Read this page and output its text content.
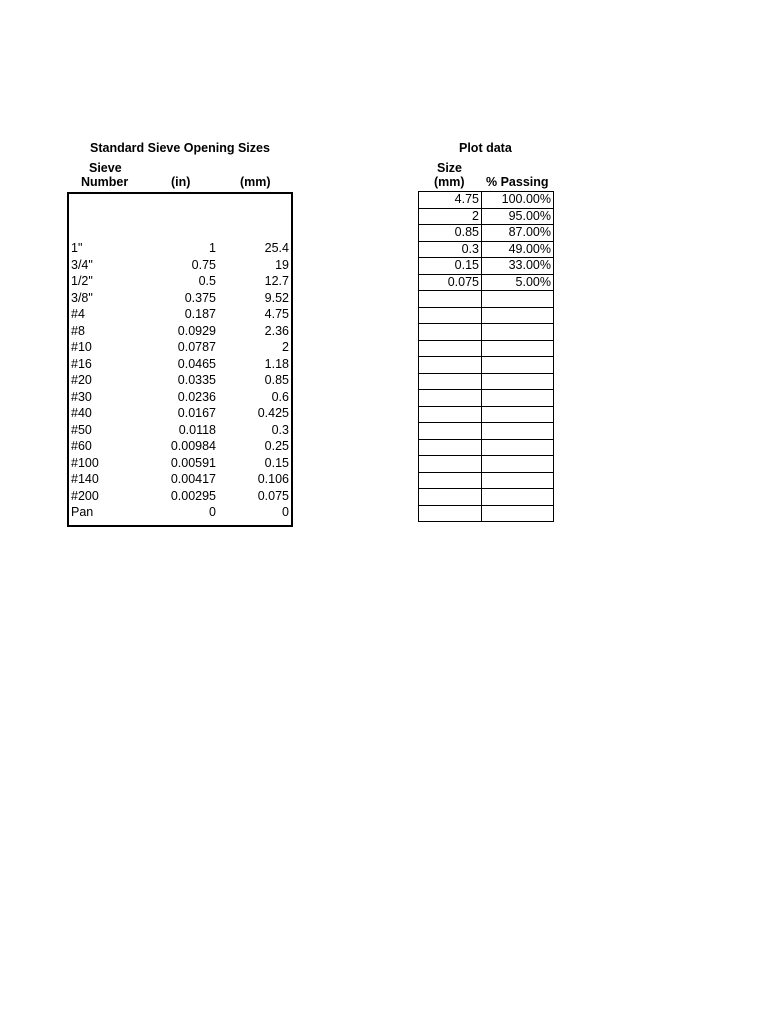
Standard Sieve Opening Sizes
Sieve
Number	(in)	(mm)
1"	1	25.4
3/4"	0.75	19
1/2"	0.5	12.7
3/8"	0.375	9.52
#4	0.187	4.75
#8	0.0929	2.36
#10	0.0787	2
#16	0.0465	1.18
#20	0.0335	0.85
#30	0.0236	0.6
#40	0.0167	0.425
#50	0.0118	0.3
#60	0.00984	0.25
#100	0.00591	0.15
#140	0.00417	0.106
#200	0.00295	0.075
Pan	0	0
Plot data
Size
(mm) % Passing
4.75	100.00%
2	95.00%
0.85	87.00%
0.3	49.00%
0.15	33.00%
0.075	5.00%
